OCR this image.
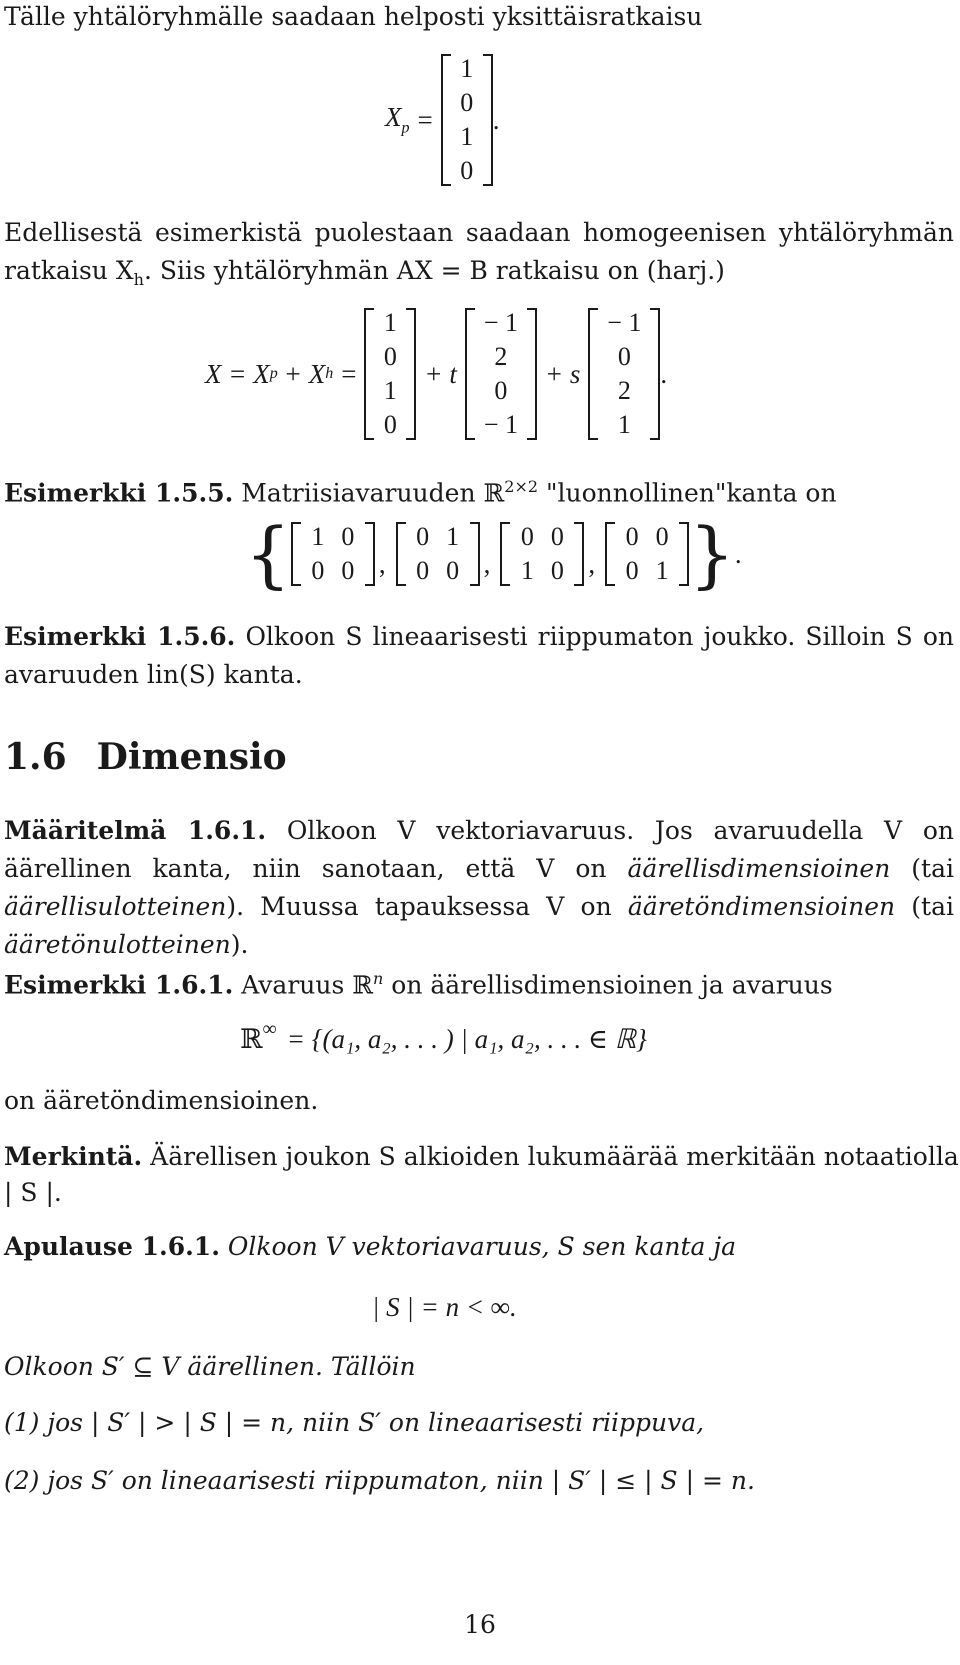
Tälle yhtälöryhmälle saadaan helposti yksittäisratkaisu
$X_p$ =
1
0
1
0
.
Edellisestä esimerkistä puolestaan saadaan homogeenisen yhtälöryhmän ratkaisu $X_h$. Siis yhtälöryhmän AX = B ratkaisu on (harj.)
X = X p + X h =
1
0
1
0
+ t
− 1
2
0
− 1
+ s
− 1
0
2
1
.
Esimerkki 1.5.5. Matriisiavaruuden ℝ$^{2\times 2}$ "luonnollinen"kanta on
{ 1 0
0 0 ,
0 1
0 0 ,
0 0
1 0 ,
0 0
0 1 } .
Esimerkki 1.5.6. Olkoon S lineaarisesti riippumaton joukko. Silloin S on avaruuden lin(S) kanta.
1.6 Dimensio
Määritelmä 1.6.1. Olkoon V vektoriavaruus. Jos avaruudella V on äärellinen kanta, niin sanotaan, että V on äärellisdimensioinen (tai äärellisulotteinen). Muussa tapauksessa V on ääretöndimensioinen (tai ääretönulotteinen).
Esimerkki 1.6.1. Avaruus ℝ$^n$ on äärellisdimensioinen ja avaruus
ℝ∞ = {(a₁, a₂, . . . ) | a₁, a₂, . . . ∈ ℝ}
on ääretöndimensioinen.
Merkintä. Äärellisen joukon S alkioiden lukumäärää merkitään notaatiolla
| S |.
Apulause 1.6.1. Olkoon V vektoriavaruus, S sen kanta ja
| S | = n < ∞.
Olkoon S′ ⊆ V äärellinen. Tällöin
(1) jos | S′ | > | S | = n, niin S′ on lineaarisesti riippuva,
(2) jos S′ on lineaarisesti riippumaton, niin | S′ | ≤ | S | = n.
16
